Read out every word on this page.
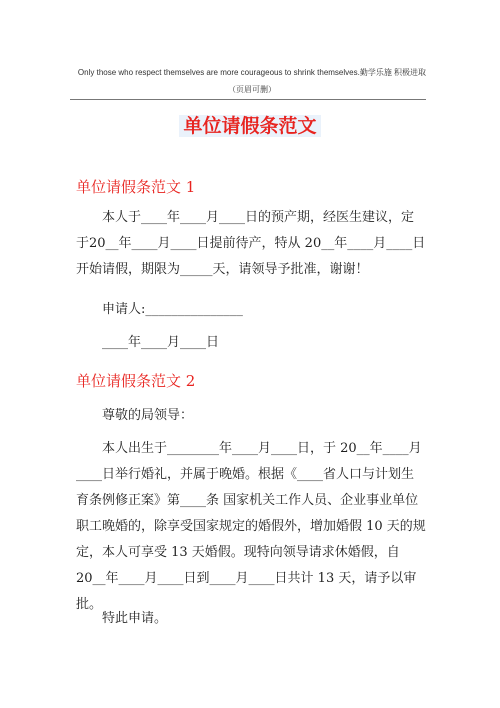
Only those who respect themselves are more courageous to shrink themselves.勤学乐施 积极进取（页眉可删）
单位请假条范文
单位请假条范文 1

本人于____年____月____日的预产期，经医生建议，定于20__年____月____日提前待产，特从 20__年____月____日开始请假，期限为_____天，请领导予批准，谢谢！

申请人:_______________
____年____月____日
单位请假条范文 2
尊敬的局领导：

本人出生于________年____月____日，于 20__年____月____日举行婚礼，并属于晚婚。根据《____省人口与计划生育条例修正案》第____条 国家机关工作人员、企业事业单位职工晚婚的，除享受国家规定的婚假外，增加婚假 10 天的规定，本人可享受 13 天婚假。现特向领导请求休婚假，自 20__年____月____日到____月____日共计 13 天，请予以审批。

特此申请。
